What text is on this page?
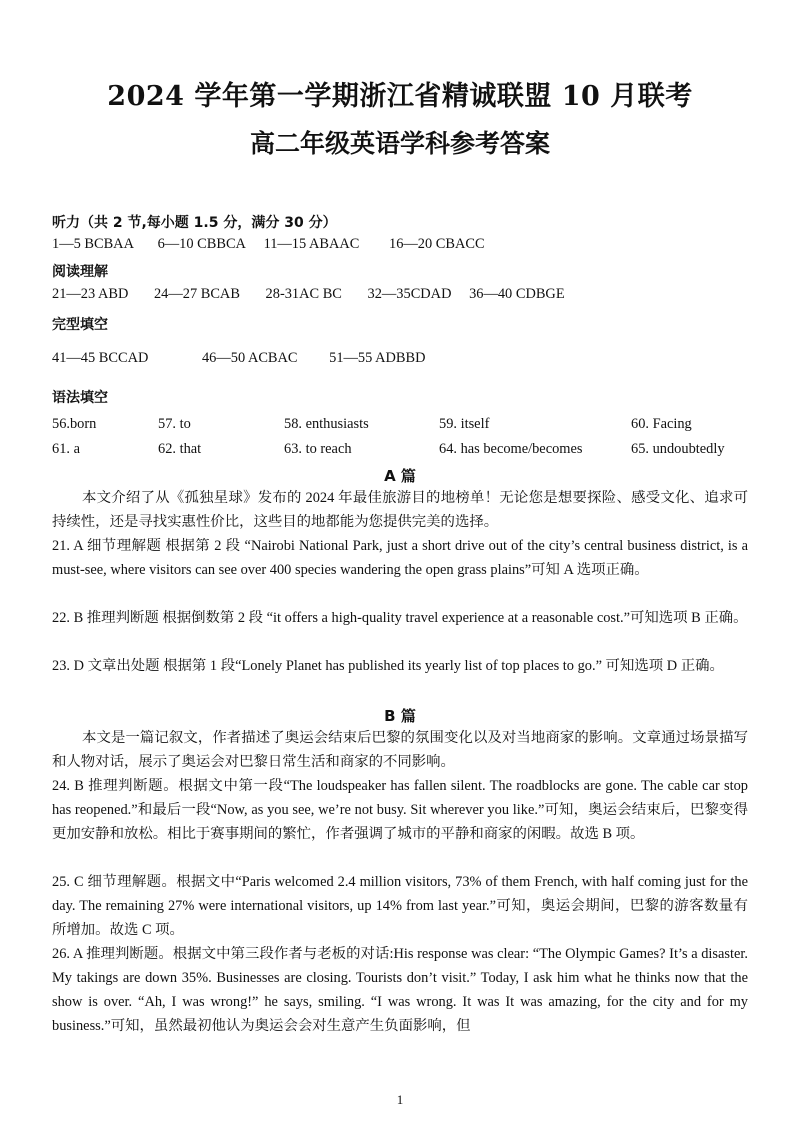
2024 学年第一学期浙江省精诚联盟 10 月联考
高二年级英语学科参考答案
听力（共 2 节,每小题 1.5 分，满分 30 分）
1—5 BCBAA 6—10 CBBCA 11—15 ABAAC 16—20 CBACC
阅读理解
21—23 ABD 24—27 BCAB 28-31AC BC 32—35CDAD 36—40 CDBGE
完型填空
41—45 BCCAD	46—50 ACBAC 51—55 ADBBD
语法填空
56.born	57. to	58. enthusiasts	59. itself	60. Facing
61. a	62. that	63. to reach	64. has become/becomes	65. undoubtedly
A 篇
本文介绍了从《孤独星球》发布的 2024 年最佳旅游目的地榜单！无论您是想要探险、感受文化、追求可持续性，还是寻找实惠性价比，这些目的地都能为您提供完美的选择。
21. A 细节理解题 根据第 2 段 “Nairobi National Park, just a short drive out of the city’s central business district, is a must-see, where visitors can see over 400 species wandering the open grass plains”可知 A 选项正确。
22. B 推理判断题 根据倒数第 2 段 “it offers a high-quality travel experience at a reasonable cost.”可知选项 B 正确。
23. D 文章出处题 根据第 1 段“Lonely Planet has published its yearly list of top places to go.” 可知选项 D 正确。
B 篇
本文是一篇记叙文，作者描述了奥运会结束后巴黎的氛围变化以及对当地商家的影响。文章通过场景描写和人物对话，展示了奥运会对巴黎日常生活和商家的不同影响。
24. B 推理判断题。根据文中第一段“The loudspeaker has fallen silent. The roadblocks are gone. The cable car stop has reopened.”和最后一段“Now, as you see, we’re not busy. Sit wherever you like.”可知，奥运会结束后，巴黎变得更加安静和放松。相比于赛事期间的繁忙，作者强调了城市的平静和商家的闲暇。故选 B 项。
25. C 细节理解题。根据文中“Paris welcomed 2.4 million visitors, 73% of them French, with half coming just for the day. The remaining 27% were international visitors, up 14% from last year.”可知，奥运会期间，巴黎的游客数量有所增加。故选 C 项。
26. A 推理判断题。根据文中第三段作者与老板的对话:His response was clear: “The Olympic Games? It’s a disaster. My takings are down 35%. Businesses are closing. Tourists don’t visit.” Today, I ask him what he thinks now that the show is over. “Ah, I was wrong!” he says, smiling. “I was wrong. It was It was amazing, for the city and for my business.”可知，虽然最初他认为奥运会会对生意产生负面影响，但
1
